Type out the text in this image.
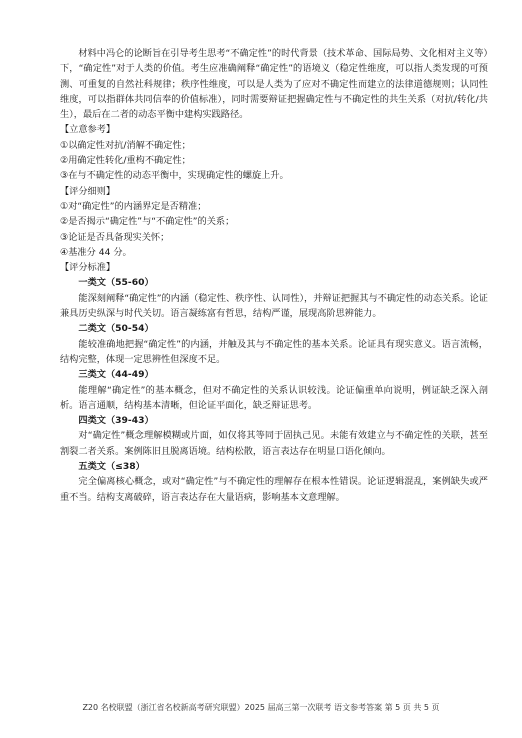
材料中冯仑的论断旨在引导考生思考“不确定性”的时代背景（技术革命、国际局势、文化相对主义等）下，“确定性”对于人类的价值。考生应准确阐释“确定性”的语境义（稳定性维度，可以指人类发现的可预测、可重复的自然社科规律；秩序性维度，可以是人类为了应对不确定性而建立的法律道德规则；认同性维度，可以指群体共同信奉的价值标准），同时需要辩证把握确定性与不确定性的共生关系（对抗/转化/共生），最后在二者的动态平衡中建构实践路径。

【立意参考】

①以确定性对抗/消解不确定性；

②用确定性转化/重构不确定性；

③在与不确定性的动态平衡中，实现确定性的螺旋上升。

【评分细则】

①对“确定性”的内涵界定是否精准；

②是否揭示“确定性”与“不确定性”的关系；

③论证是否具备现实关怀；

④基准分 44 分。

【评分标准】

一类文（55-60）

能深刻阐释“确定性”的内涵（稳定性、秩序性、认同性），并辩证把握其与不确定性的动态关系。论证兼具历史纵深与时代关切。语言凝练富有哲思，结构严谨，展现高阶思辨能力。

二类文（50-54）

能较准确地把握“确定性”的内涵，并触及其与不确定性的基本关系。论证具有现实意义。语言流畅，结构完整，体现一定思辨性但深度不足。

三类文（44-49）

能理解“确定性”的基本概念，但对不确定性的关系认识较浅。论证偏重单向说明，例证缺乏深入剖析。语言通顺，结构基本清晰，但论证平面化，缺乏辩证思考。

四类文（39-43）

对“确定性”概念理解模糊或片面，如仅将其等同于固执己见。未能有效建立与不确定性的关联，甚至割裂二者关系。案例陈旧且脱离语境。结构松散，语言表达存在明显口语化倾向。

五类文（≤38）

完全偏离核心概念，或对“确定性”与不确定性的理解存在根本性错误。论证逻辑混乱，案例缺失或严重不当。结构支离破碎，语言表达存在大量语病，影响基本文意理解。

Z20 名校联盟（浙江省名校新高考研究联盟）2025 届高三第一次联考 语文参考答案 第 5 页 共 5 页
